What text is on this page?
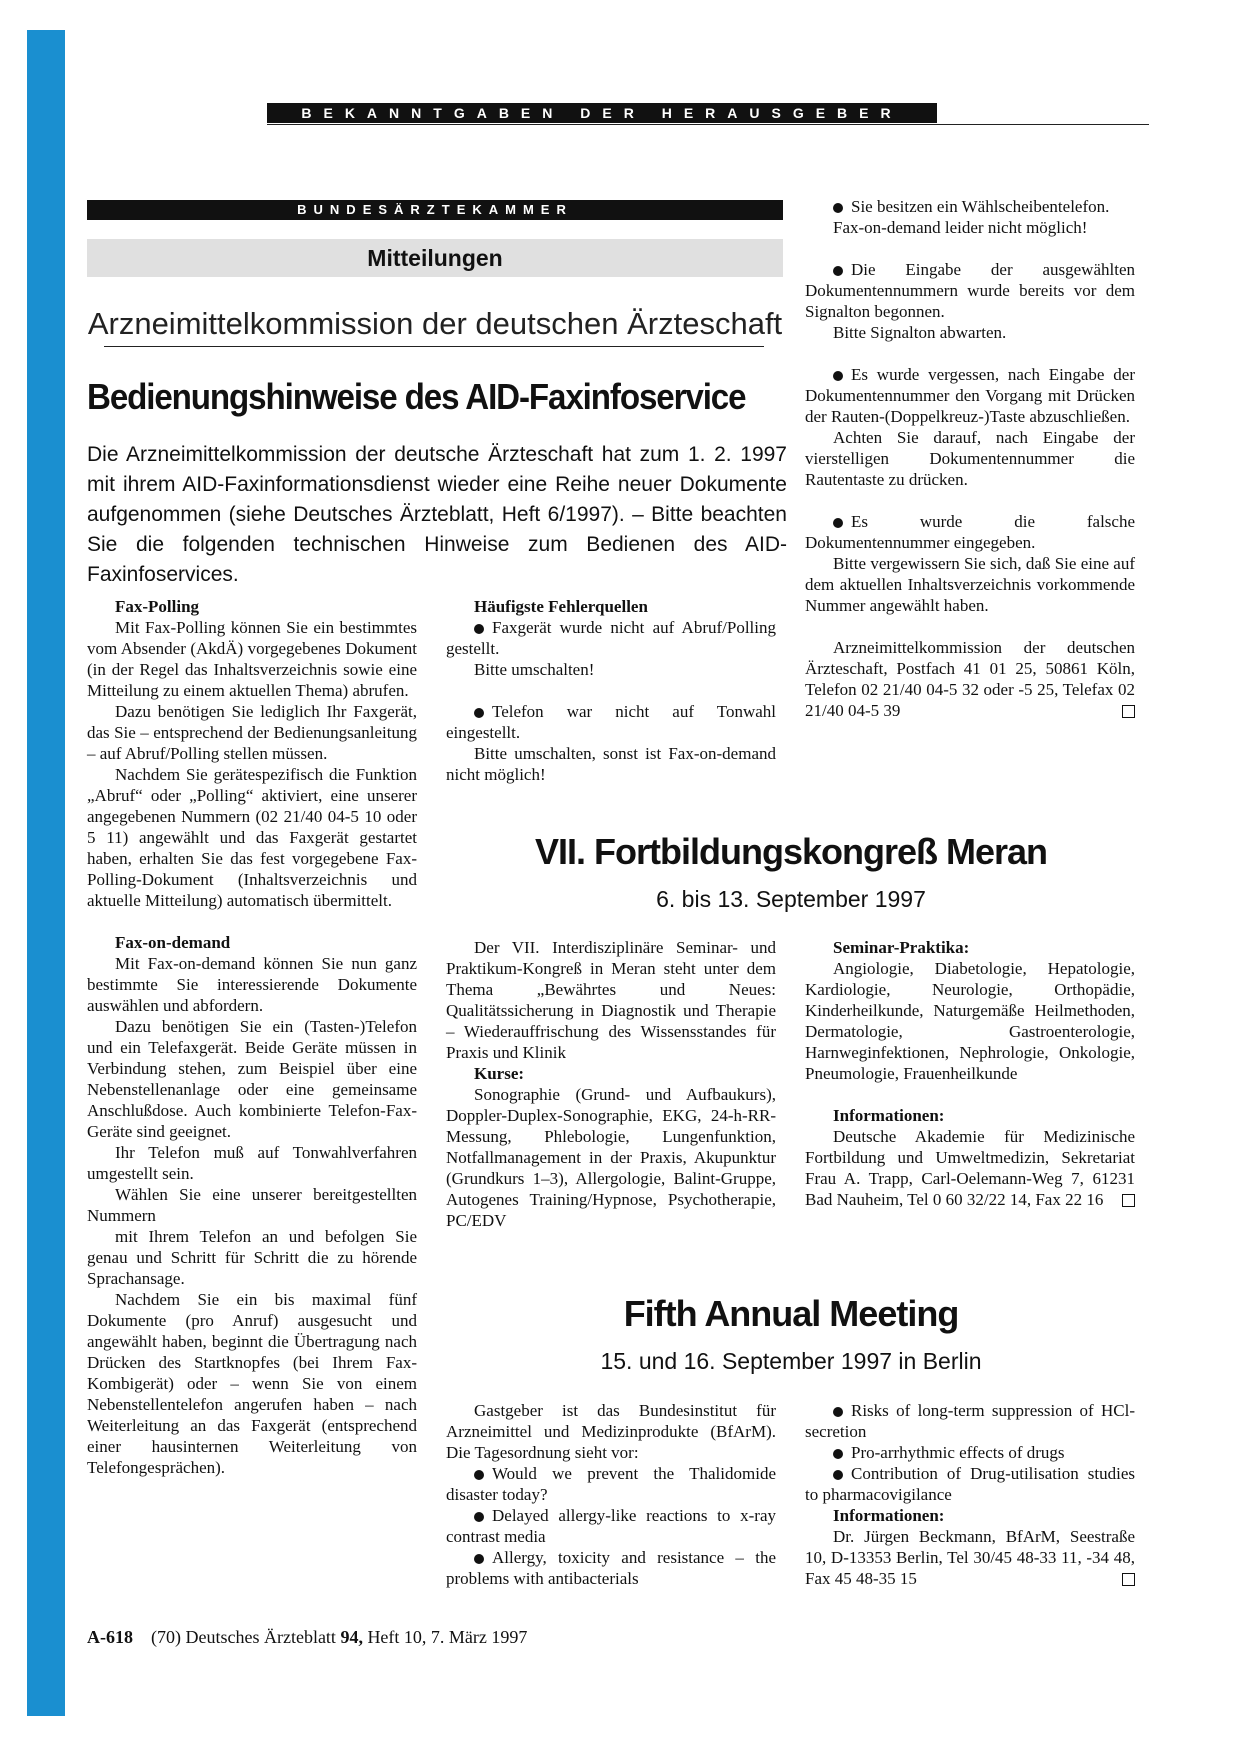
BEKANNTGABEN DER HERAUSGEBER
BUNDESÄRZTEKAMMER
Mitteilungen
Arzneimittelkommission der deutschen Ärzteschaft
Bedienungshinweise des AID-Faxinfoservice
Die Arzneimittelkommission der deutsche Ärzteschaft hat zum 1. 2. 1997 mit ihrem AID-Faxinformationsdienst wieder eine Reihe neuer Dokumente aufgenommen (siehe Deutsches Ärzteblatt, Heft 6/1997). – Bitte beachten Sie die folgenden technischen Hinweise zum Bedienen des AID-Faxinfoservices.

Fax-Polling

Mit Fax-Polling können Sie ein bestimmtes vom Absender (AkdÄ) vorgegebenes Dokument (in der Regel das Inhaltsverzeichnis sowie eine Mitteilung zu einem aktuellen Thema) abrufen.

Dazu benötigen Sie lediglich Ihr Faxgerät, das Sie – entsprechend der Bedienungsanleitung – auf Abruf/Polling stellen müssen.

Nachdem Sie gerätespezifisch die Funktion „Abruf“ oder „Polling“ aktiviert, eine unserer angegebenen Nummern (02 21/40 04-5 10 oder 5 11) angewählt und das Faxgerät gestartet haben, erhalten Sie das fest vorgegebene Fax-Polling-Dokument (Inhaltsverzeichnis und aktuelle Mitteilung) automatisch übermittelt.

Fax-on-demand

Mit Fax-on-demand können Sie nun ganz bestimmte Sie interessierende Dokumente auswählen und abfordern.

Dazu benötigen Sie ein (Tasten-)Telefon und ein Telefaxgerät. Beide Geräte müssen in Verbindung stehen, zum Beispiel über eine Nebenstellenanlage oder eine gemeinsame Anschlußdose. Auch kombinierte Telefon-Fax-Geräte sind geeignet.

Ihr Telefon muß auf Tonwahlverfahren umgestellt sein.

Wählen Sie eine unserer bereitgestellten Nummern

mit Ihrem Telefon an und befolgen Sie genau und Schritt für Schritt die zu hörende Sprachansage.

Nachdem Sie ein bis maximal fünf Dokumente (pro Anruf) ausgesucht und angewählt haben, beginnt die Übertragung nach Drücken des Startknopfes (bei Ihrem Fax-Kombigerät) oder – wenn Sie von einem Nebenstellentelefon angerufen haben – nach Weiterleitung an das Faxgerät (entsprechend einer hausinternen Weiterleitung von Telefongesprächen).

Häufigste Fehlerquellen

Faxgerät wurde nicht auf Abruf/Polling gestellt.

Bitte umschalten!

Telefon war nicht auf Tonwahl eingestellt.

Bitte umschalten, sonst ist Fax-on-demand nicht möglich!

Sie besitzen ein Wählscheibentelefon.

Fax-on-demand leider nicht möglich!

Die Eingabe der ausgewählten Dokumentennummern wurde bereits vor dem Signalton begonnen.

Bitte Signalton abwarten.

Es wurde vergessen, nach Eingabe der Dokumentennummer den Vorgang mit Drücken der Rauten-(Doppelkreuz-)Taste abzuschließen.

Achten Sie darauf, nach Eingabe der vierstelligen Dokumentennummer die Rautentaste zu drücken.

Es wurde die falsche Dokumentennummer eingegeben.

Bitte vergewissern Sie sich, daß Sie eine auf dem aktuellen Inhaltsverzeichnis vorkommende Nummer angewählt haben.

Arzneimittelkommission der deutschen Ärzteschaft, Postfach 41 01 25, 50861 Köln, Telefon 02 21/40 04-5 32 oder -5 25, Telefax 02 21/40 04-5 39

VII. Fortbildungskongreß Meran
6. bis 13. September 1997

Der VII. Interdisziplinäre Seminar- und Praktikum-Kongreß in Meran steht unter dem Thema „Bewährtes und Neues: Qualitätssicherung in Diagnostik und Therapie – Wiederauffrischung des Wissensstandes für Praxis und Klinik

Kurse:

Sonographie (Grund- und Aufbaukurs), Doppler-Duplex-Sonographie, EKG, 24-h-RR-Messung, Phlebologie, Lungenfunktion, Notfallmanagement in der Praxis, Akupunktur (Grundkurs 1–3), Allergologie, Balint-Gruppe, Autogenes Training/Hypnose, Psychotherapie, PC/EDV

Seminar-Praktika:

Angiologie, Diabetologie, Hepatologie, Kardiologie, Neurologie, Orthopädie, Kinderheilkunde, Naturgemäße Heilmethoden, Dermatologie, Gastroenterologie, Harnweginfektionen, Nephrologie, Onkologie, Pneumologie, Frauenheilkunde

Informationen:

Deutsche Akademie für Medizinische Fortbildung und Umweltmedizin, Sekretariat Frau A. Trapp, Carl-Oelemann-Weg 7, 61231 Bad Nauheim, Tel 0 60 32/22 14, Fax 22 16

Fifth Annual Meeting
15. und 16. September 1997 in Berlin

Gastgeber ist das Bundesinstitut für Arzneimittel und Medizinprodukte (BfArM). Die Tagesordnung sieht vor:

Would we prevent the Thalidomide disaster today?

Delayed allergy-like reactions to x-ray contrast media

Allergy, toxicity and resistance – the problems with antibacterials

Risks of long-term suppression of HCl-secretion

Pro-arrhythmic effects of drugs

Contribution of Drug-utilisation studies to pharmacovigilance

Informationen:

Dr. Jürgen Beckmann, BfArM, Seestraße 10, D-13353 Berlin, Tel 30/45 48-33 11, -34 48, Fax 45 48-35 15

A-618 (70) Deutsches Ärzteblatt 94, Heft 10, 7. März 1997
